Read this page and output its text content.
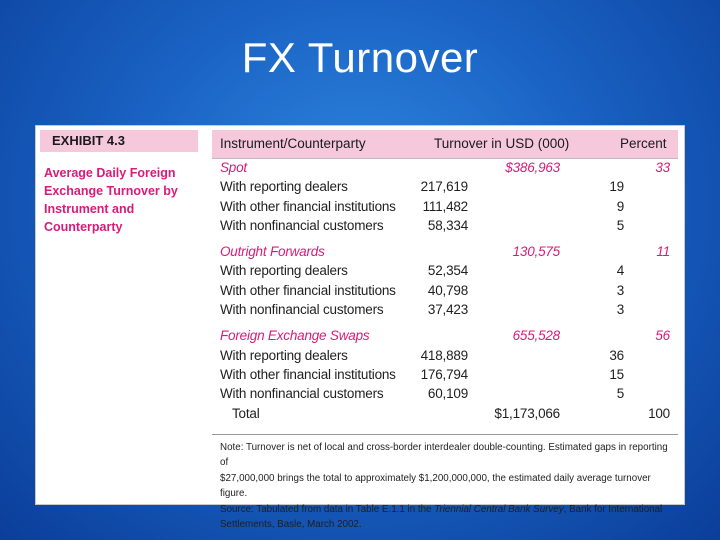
FX Turnover
EXHIBIT 4.3
Average Daily Foreign Exchange Turnover by Instrument and Counterparty
Instrument/Counterparty	Turnover in USD (000)	Percent
Spot	$386,963	33
With reporting dealers	217,619	19
With other financial institutions 111,482	9
With nonfinancial customers	58,334	5
Outright Forwards	130,575	11
With reporting dealers	52,354	4
With other financial institutions 40,798	3
With nonfinancial customers	37,423	3
Foreign Exchange Swaps	655,528	56
With reporting dealers	418,889	36
With other financial institutions 176,794	15
With nonfinancial customers	60,109	5
Total	$1,173,066	100
Note: Turnover is net of local and cross-border interdealer double-counting. Estimated gaps in reporting of
$27,000,000 brings the total to approximately $1,200,000,000, the estimated daily average turnover figure.
Source: Tabulated from data in Table E.1.1 in the Triennial Central Bank Survey, Bank for International
Settlements, Basle, March 2002.
